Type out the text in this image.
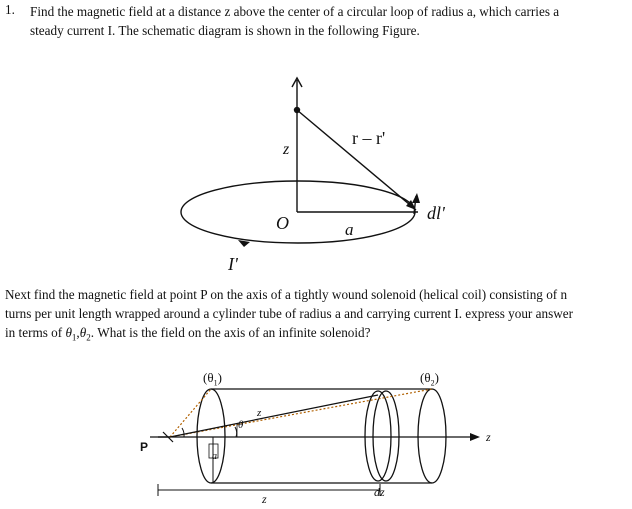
1. Find the magnetic field at a distance z above the center of a circular loop of radius a, which carries a
steady current I. The schematic diagram is shown in the following Figure.
z
r – r'
dl'
O	a
I'
Next find the magnetic field at point P on the axis of a tightly wound solenoid (helical coil) consisting of n
turns per unit length wrapped around a cylinder tube of radius a and carrying current I. express your answer
in terms of $\theta_1,\theta_2$. What is the field on the axis of an infinite solenoid?
$(\theta_1)$	$(\theta_2)$
P
a
θ
z
z
dz
z
